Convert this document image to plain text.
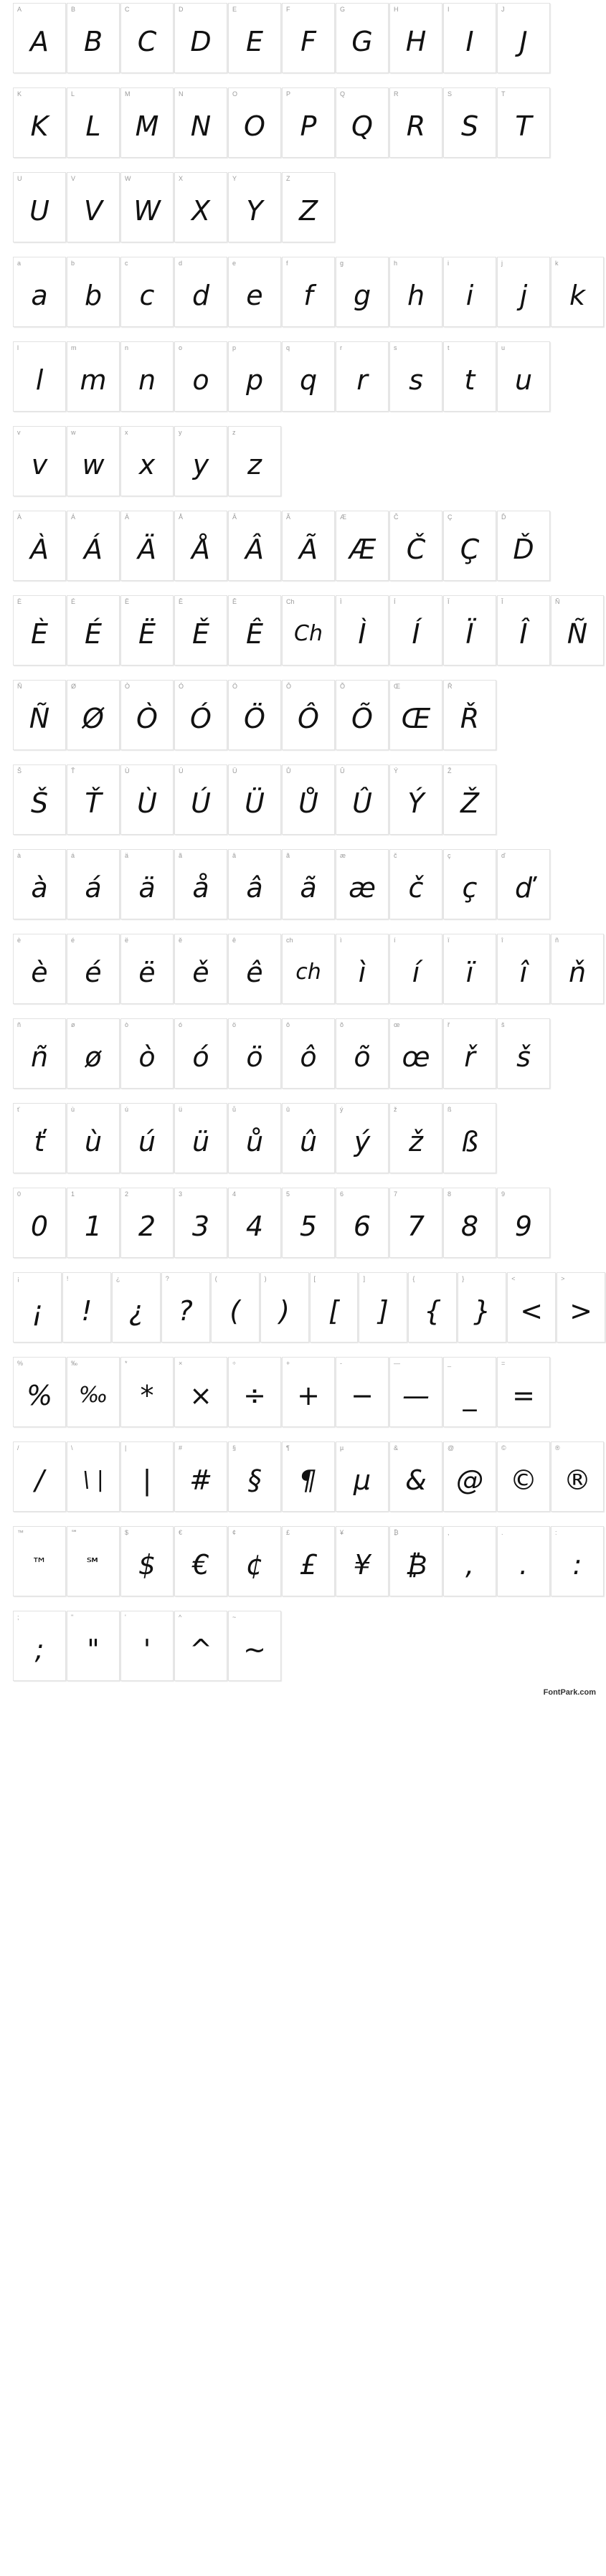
A
A
B
B
C
C
D
D
E
E
F
F
G
G
H
H
I
I
J
J
K
K
L
L
M
M
N
N
O
O
P
P
Q
Q
R
R
S
S
T
T
U
U
V
V
W
W
X
X
Y
Y
Z
Z
a
a
b
b
c
c
d
d
e
e
f
f
g
g
h
h
i
i
j
j
k
k
l
l
m
m
n
n
o
o
p
p
q
q
r
r
s
s
t
t
u
u
v
v
w
w
x
x
y
y
z
z
À
À
Á
Á
Ä
Ä
Å
Å
Â
Â
Ã
Ã
Æ
Æ
Č
Č
Ç
Ç
Ď
Ď
È
È
É
É
Ë
Ë
Ě
Ě
Ê
Ê
Ch
Ch
Ì
Ì
Í
Í
Ï
Ï
Î
Î
Ñ
Ñ
Ñ
Ñ
Ø
Ø
Ò
Ò
Ó
Ó
Ö
Ö
Ô
Ô
Õ
Õ
Œ
Œ
Ř
Ř
Š
Š
Ť
Ť
Ù
Ù
Ú
Ú
Ü
Ü
Ů
Ů
Û
Û
Ý
Ý
Ž
Ž
à
à
á
á
ä
ä
ã
å
â
â
ã
ã
æ
æ
č
č
ç
ç
ď
ď
è
è
é
é
ë
ë
ě
ě
ê
ê
ch
ch
ì
ì
í
í
ï
ï
î
î
ñ
ň
ñ
ñ
ø
ø
ò
ò
ó
ó
ö
ö
ô
ô
õ
õ
œ
œ
ř
ř
š
š
ť
ť
ù
ù
ú
ú
ü
ü
ů
ů
û
û
ý
ý
ž
ž
ß
ß
0
0
1
1
2
2
3
3
4
4
5
5
6
6
7
7
8
8
9
9
¡
¡
!
!
¿
¿
?
?
(
(
)
)
[
[
]
]
{
{
}
}
<
<
>
>
%
%
‰
‰
*
*
×
×
÷
÷
+
+
-
−
—
—
_
_
=
=
/
/
\
\ |
|
|
#
#
§
§
¶
¶
µ
µ
&
&
@
@
©
©
®
®
™
™
℠
℠
$
$
€
€
¢
¢
£
£
¥
¥
₿
₿
,
,
.
.
:
:
;
;
"
"
'
'
^
^
~
~
FontPark.com
